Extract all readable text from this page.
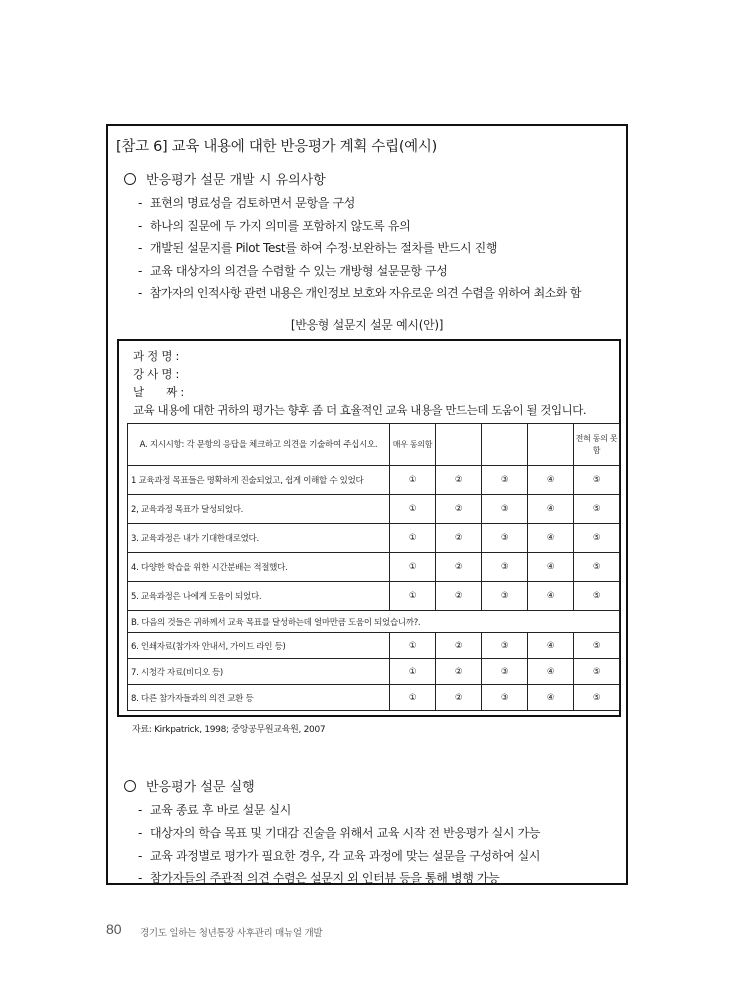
[참고 6] 교육 내용에 대한 반응평가 계획 수립(예시)
반응평가 설문 개발 시 유의사항
- 표현의 명료성을 검토하면서 문항을 구성
- 하나의 질문에 두 가지 의미를 포함하지 않도록 유의
- 개발된 설문지를 Pilot Test를 하여 수정·보완하는 절차를 반드시 진행
- 교육 대상자의 의견을 수렴할 수 있는 개방형 설문문항 구성
- 참가자의 인적사항 관련 내용은 개인정보 보호와 자유로운 의견 수렴을 위하여 최소화 함
[반응형 설문지 설문 예시(안)]
과 정 명 :
강 사 명 :
날　　짜 :
교육 내용에 대한 귀하의 평가는 향후 좀 더 효율적인 교육 내용을 만드는데 도움이 될 것입니다.
A. 지시시항: 각 문항의 응답을 체크하고 의견을 기술하여 주십시오.	매우 동의함				전혀 동의 못함
1 교육과정 목표들은 명확하게 진술되었고, 쉽게 이해할 수 있었다	①	②	③	④	⑤
2, 교육과정 목표가 달성되었다.	①	②	③	④	⑤
3. 교육과정은 내가 기대한대로였다.	①	②	③	④	⑤
4. 다양한 학습을 위한 시간분배는 적절했다.	①	②	③	④	⑤
5. 교육과정은 나에게 도움이 되었다.	①	②	③	④	⑤
B. 다음의 것들은 귀하께서 교육 목표를 달성하는데 얼마만큼 도움이 되었습니까?.					
6. 인쇄자료(참가자 안내서, 가이드 라인 등)	①	②	③	④	⑤
7. 시청각 자료(비디오 등)	①	②	③	④	⑤
8. 다른 참가자들과의 의견 교환 등	①	②	③	④	⑤
자료: Kirkpatrick, 1998; 중앙공무원교육원, 2007
반응평가 설문 실행
- 교육 종료 후 바로 설문 실시
- 대상자의 학습 목표 및 기대감 진술을 위해서 교육 시작 전 반응평가 실시 가능
- 교육 과정별로 평가가 필요한 경우, 각 교육 과정에 맞는 설문을 구성하여 실시
- 참가자들의 주관적 의견 수렴은 설문지 외 인터뷰 등을 통해 병행 가능
80 경기도 일하는 청년통장 사후관리 매뉴얼 개발
